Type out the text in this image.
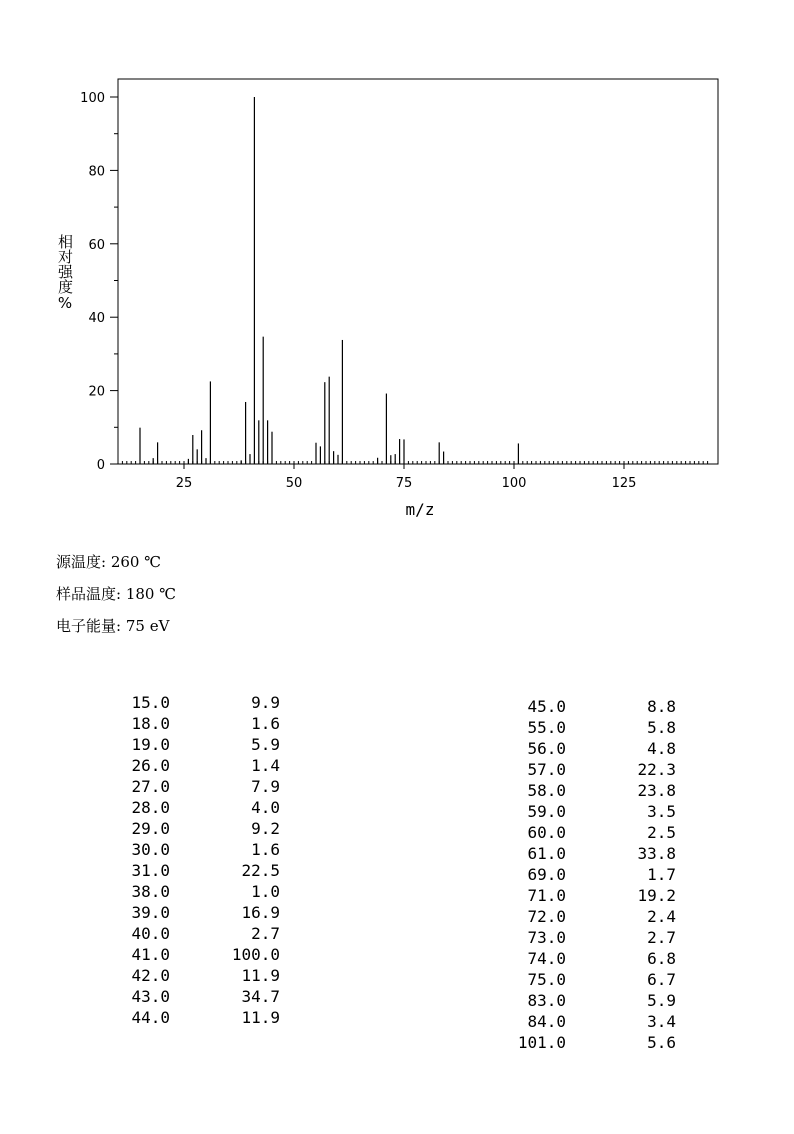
25	50	75	100	125
0
20
40
60
80
100
相对强度%
m/z
源温度: 260 ℃
样品温度: 180 ℃
电子能量: 75 eV
15.0	9.9
18.0	1.6
19.0	5.9
26.0	1.4
27.0	7.9
28.0	4.0
29.0	9.2
30.0	1.6
31.0	22.5
38.0	1.0
39.0	16.9
40.0	2.7
41.0	100.0
42.0	11.9
43.0	34.7
44.0	11.9
45.0	8.8
55.0	5.8
56.0	4.8
57.0	22.3
58.0	23.8
59.0	3.5
60.0	2.5
61.0	33.8
69.0	1.7
71.0	19.2
72.0	2.4
73.0	2.7
74.0	6.8
75.0	6.7
83.0	5.9
84.0	3.4
101.0	5.6
